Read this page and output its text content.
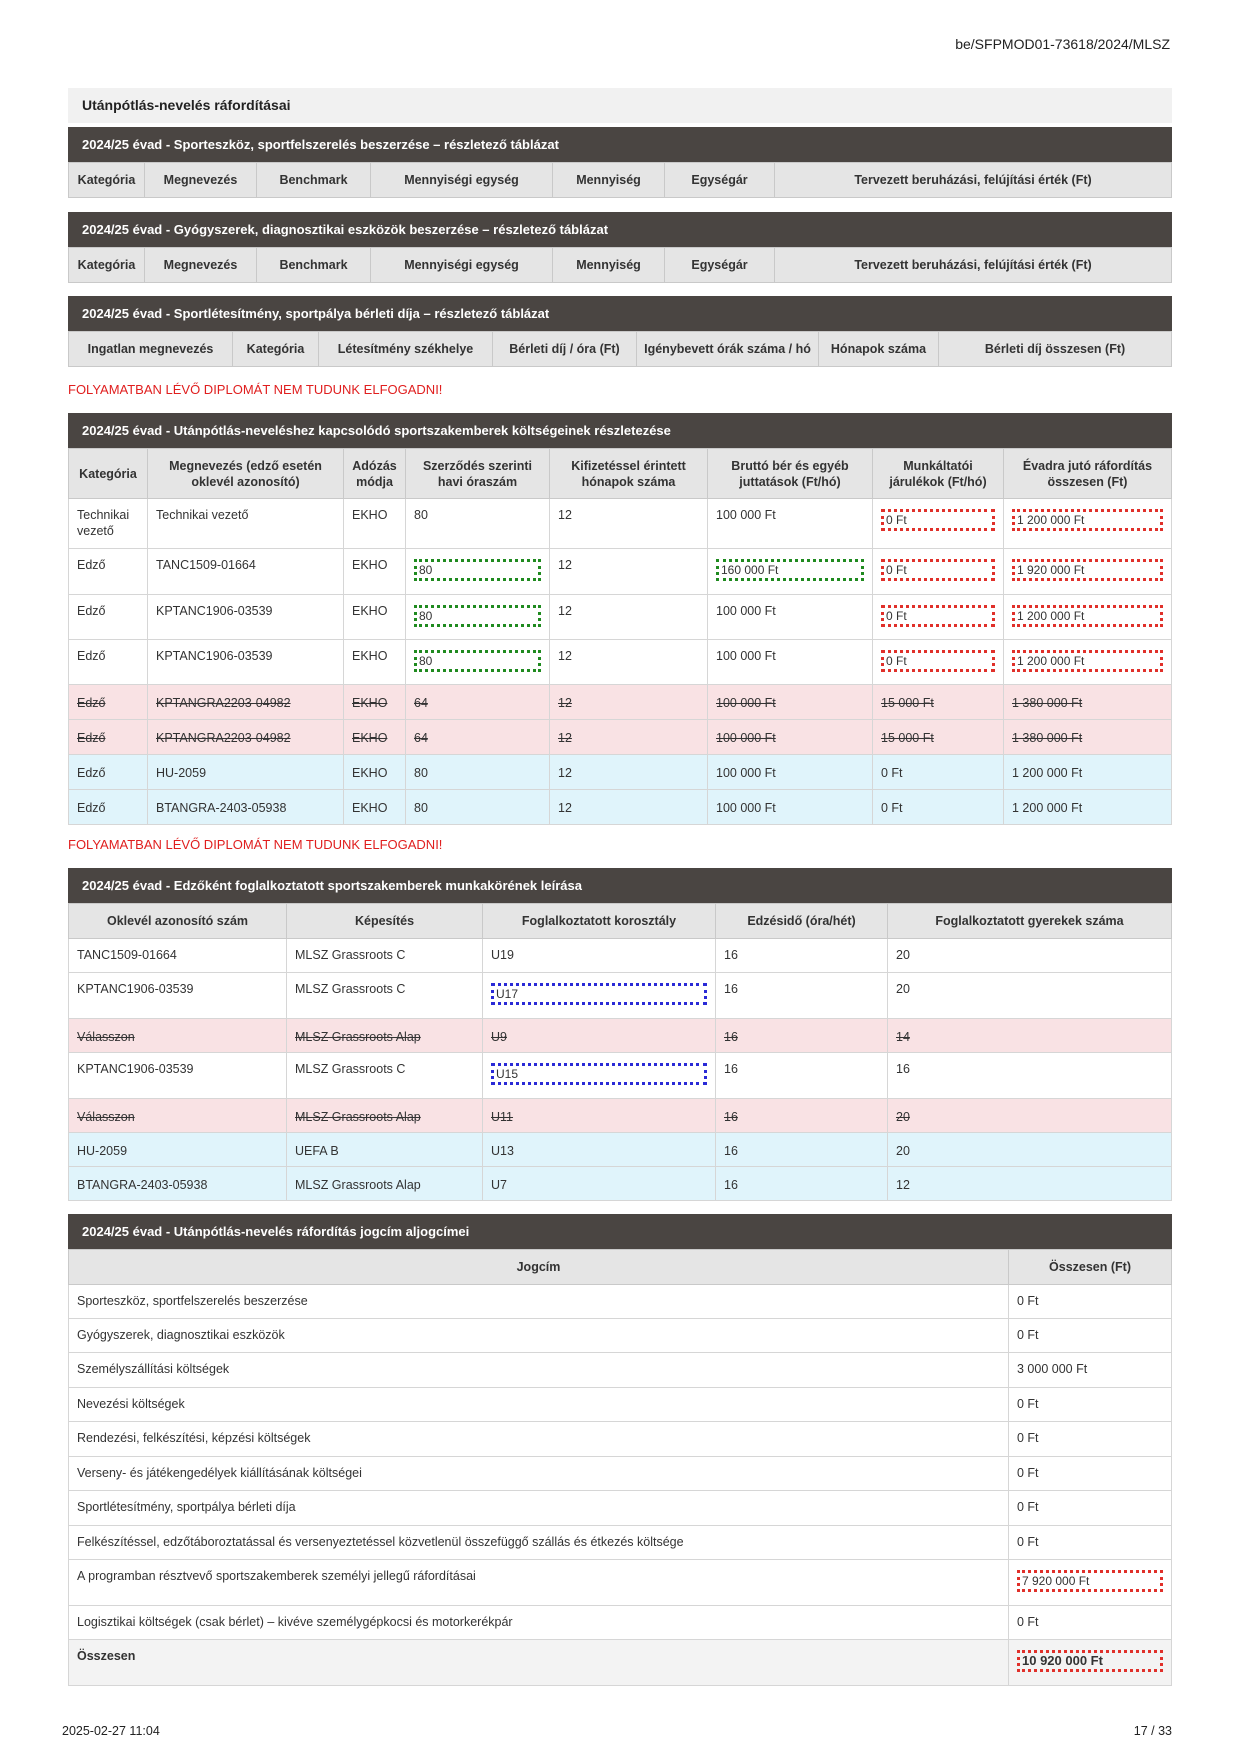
be/SFPMOD01-73618/2024/MLSZ
Utánpótlás-nevelés ráfordításai
2024/25 évad - Sporteszköz, sportfelszerelés beszerzése – részletező táblázat
Kategória	Megnevezés	Benchmark	Mennyiségi egység	Mennyiség	Egységár	Tervezett beruházási, felújítási érték (Ft)
2024/25 évad - Gyógyszerek, diagnosztikai eszközök beszerzése – részletező táblázat
Kategória	Megnevezés	Benchmark	Mennyiségi egység	Mennyiség	Egységár	Tervezett beruházási, felújítási érték (Ft)
2024/25 évad - Sportlétesítmény, sportpálya bérleti díja – részletező táblázat
Ingatlan megnevezés	Kategória	Létesítmény székhelye	Bérleti díj / óra (Ft)	Igénybevett órák száma / hó	Hónapok száma	Bérleti díj összesen (Ft)
FOLYAMATBAN LÉVŐ DIPLOMÁT NEM TUDUNK ELFOGADNI!
2024/25 évad - Utánpótlás-neveléshez kapcsolódó sportszakemberek költségeinek részletezése
Kategória	Megnevezés (edző esetén oklevél azonosító)	Adózás módja	Szerződés szerinti havi óraszám	Kifizetéssel érintett hónapok száma	Bruttó bér és egyéb juttatások (Ft/hó)	Munkáltatói járulékok (Ft/hó)	Évadra jutó ráfordítás összesen (Ft)
Technikai vezető	Technikai vezető	EKHO	80	12	100 000 Ft	0 Ft	1 200 000 Ft

Edző	TANC1509-01664	EKHO	80	12	160 000 Ft	0 Ft	1 920 000 Ft

Edző	KPTANC1906-03539	EKHO	80	12	100 000 Ft	0 Ft	1 200 000 Ft

Edző	KPTANC1906-03539	EKHO	80	12	100 000 Ft	0 Ft	1 200 000 Ft

Edző	KPTANGRA2203-04982	EKHO	64	12	100 000 Ft	15 000 Ft	1 380 000 Ft
Edző	KPTANGRA2203-04982	EKHO	64	12	100 000 Ft	15 000 Ft	1 380 000 Ft
Edző	HU-2059	EKHO	80	12	100 000 Ft	0 Ft	1 200 000 Ft
Edző	BTANGRA-2403-05938	EKHO	80	12	100 000 Ft	0 Ft	1 200 000 Ft
FOLYAMATBAN LÉVŐ DIPLOMÁT NEM TUDUNK ELFOGADNI!
2024/25 évad - Edzőként foglalkoztatott sportszakemberek munkakörének leírása
Oklevél azonosító szám	Képesítés	Foglalkoztatott korosztály	Edzésidő (óra/hét)	Foglalkoztatott gyerekek száma
TANC1509-01664	MLSZ Grassroots C	U19	16	20
KPTANC1906-03539	MLSZ Grassroots C	U17	16	20
Válasszon	MLSZ Grassroots Alap	U9	16	14
KPTANC1906-03539	MLSZ Grassroots C	U15	16	16
Válasszon	MLSZ Grassroots Alap	U11	16	20
HU-2059	UEFA B	U13	16	20
BTANGRA-2403-05938	MLSZ Grassroots Alap	U7	16	12
2024/25 évad - Utánpótlás-nevelés ráfordítás jogcím aljogcímei
Jogcím	Összesen (Ft)
Sporteszköz, sportfelszerelés beszerzése	0 Ft
Gyógyszerek, diagnosztikai eszközök	0 Ft
Személyszállítási költségek	3 000 000 Ft
Nevezési költségek	0 Ft
Rendezési, felkészítési, képzési költségek	0 Ft
Verseny- és játékengedélyek kiállításának költségei	0 Ft
Sportlétesítmény, sportpálya bérleti díja	0 Ft
Felkészítéssel, edzőtáboroztatással és versenyeztetéssel közvetlenül összefüggő szállás és étkezés költsége	0 Ft
A programban résztvevő sportszakemberek személyi jellegű ráfordításai	7 920 000 Ft

Logisztikai költségek (csak bérlet) – kivéve személygépkocsi és motorkerékpár	0 Ft
Összesen	10 920 000 Ft
2025-02-27 11:04	17 / 33
